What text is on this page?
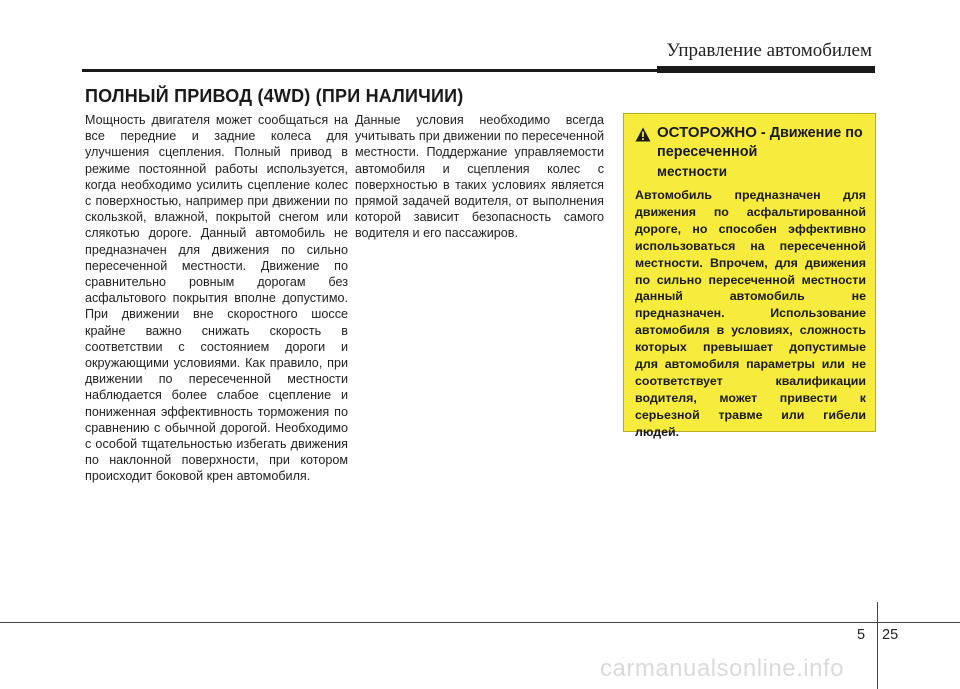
Управление автомобилем
ПОЛНЫЙ ПРИВОД (4WD) (ПРИ НАЛИЧИИ)

Мощность двигателя может сообщаться на все передние и задние колеса для улучшения сцепления. Полный привод в режиме постоянной работы используется, когда необходимо усилить сцепление колес с поверхностью, например при движении по скользкой, влажной, покрытой снегом или слякотью дороге. Данный автомобиль не предназначен для движения по сильно пересеченной местности. Движение по сравнительно ровным дорогам без асфальтового покрытия вполне допустимо. При движении вне скоростного шоссе крайне важно снижать скорость в соответствии с состоянием дороги и окружающими условиями. Как правило, при движении по пересеченной местности наблюдается более слабое сцепление и пониженная эффективность торможения по сравнению с обычной дорогой. Необходимо с особой тщательностью избегать движения по наклонной поверхности, при котором происходит боковой крен автомобиля.

Данные условия необходимо всегда учитывать при движении по пересеченной местности. Поддержание управляемости автомобиля и сцепления колес с поверхностью в таких условиях является прямой задачей водителя, от выполнения которой зависит безопасность самого водителя и его пассажиров.

ОСТОРОЖНО - Движение по пересеченной
местности
Автомобиль предназначен для движения по асфальтированной дороге, но способен эффективно использоваться на пересеченной местности. Впрочем, для движения по сильно пересеченной местности данный автомобиль не предназначен. Использование автомобиля в условиях, сложность которых превышает допустимые для автомобиля параметры или не соответствует квалификации водителя, может привести к серьезной травме или гибели людей.
5 25
carmanualsonline.info
